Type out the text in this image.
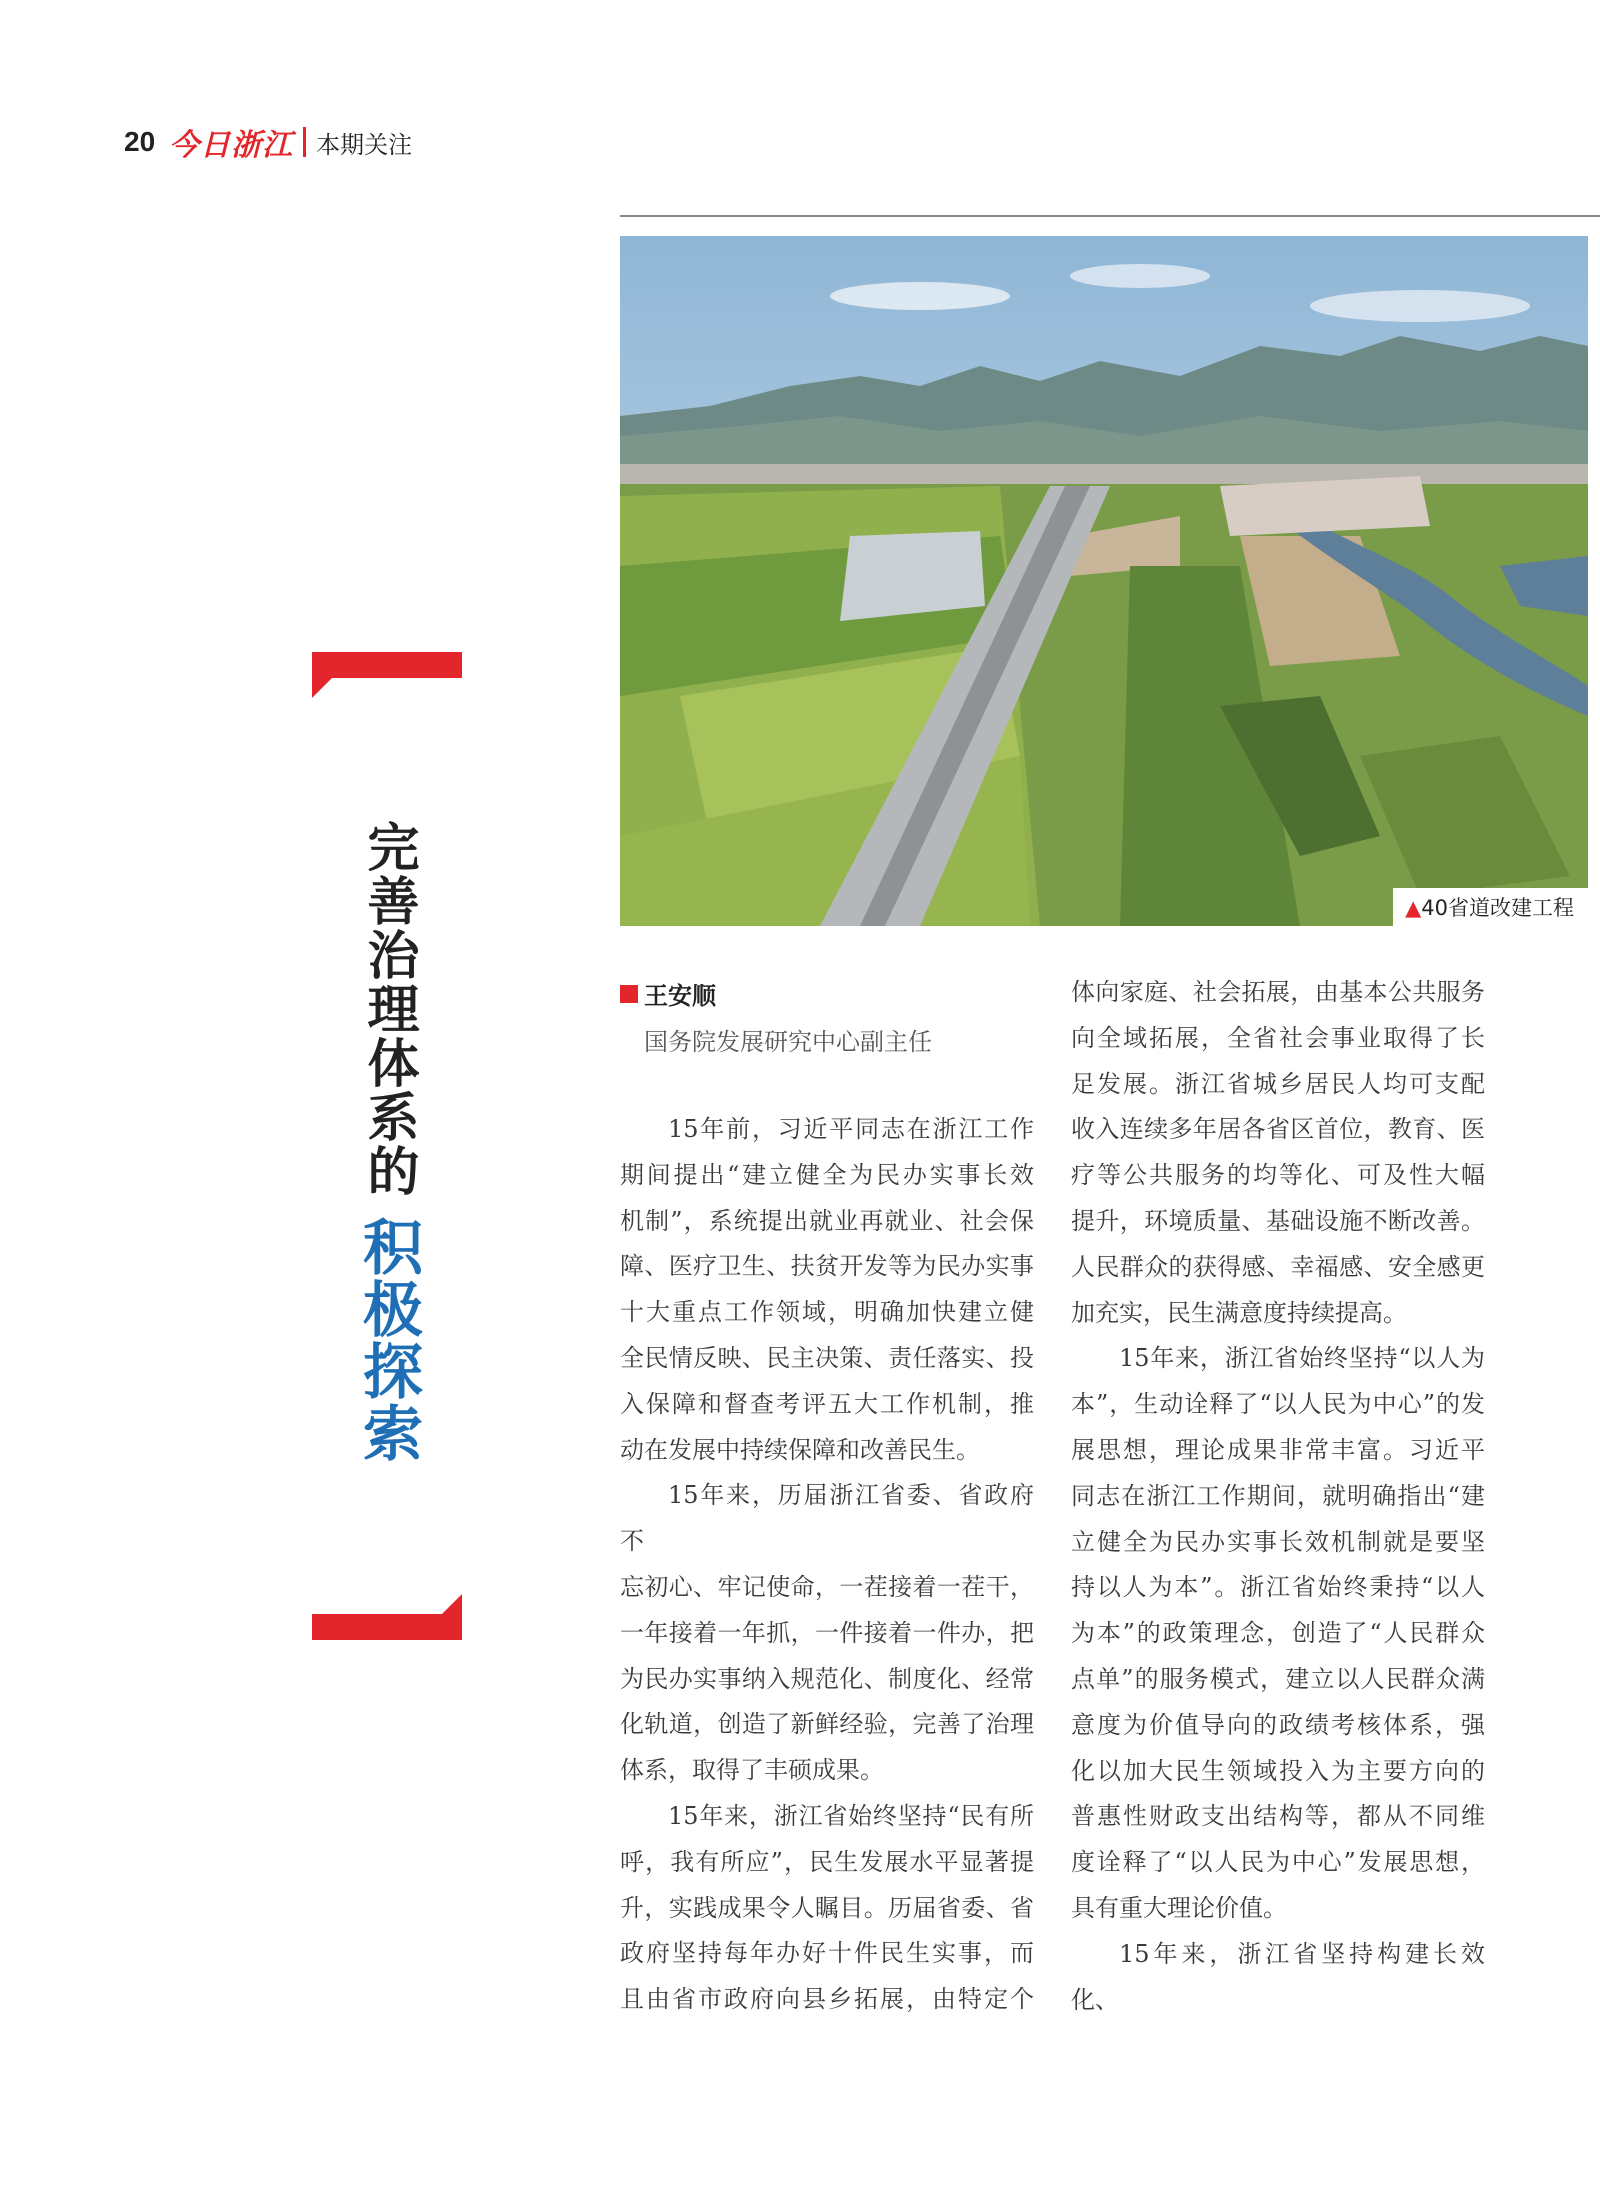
20 今日浙江 本期关注
▲40省道改建工程
完善治理体系的
积极探索
王安顺
国务院发展研究中心副主任

15年前，习近平同志在浙江工作

期间提出“建立健全为民办实事长效

机制”，系统提出就业再就业、社会保

障、医疗卫生、扶贫开发等为民办实事

十大重点工作领域，明确加快建立健

全民情反映、民主决策、责任落实、投

入保障和督查考评五大工作机制，推

动在发展中持续保障和改善民生。

15年来，历届浙江省委、省政府不

忘初心、牢记使命，一茬接着一茬干，

一年接着一年抓，一件接着一件办，把

为民办实事纳入规范化、制度化、经常

化轨道，创造了新鲜经验，完善了治理

体系，取得了丰硕成果。

15年来，浙江省始终坚持“民有所

呼，我有所应”，民生发展水平显著提

升，实践成果令人瞩目。历届省委、省

政府坚持每年办好十件民生实事，而

且由省市政府向县乡拓展，由特定个

体向家庭、社会拓展，由基本公共服务

向全域拓展，全省社会事业取得了长

足发展。浙江省城乡居民人均可支配

收入连续多年居各省区首位，教育、医

疗等公共服务的均等化、可及性大幅

提升，环境质量、基础设施不断改善。

人民群众的获得感、幸福感、安全感更

加充实，民生满意度持续提高。

15年来，浙江省始终坚持“以人为

本”，生动诠释了“以人民为中心”的发

展思想，理论成果非常丰富。习近平

同志在浙江工作期间，就明确指出“建

立健全为民办实事长效机制就是要坚

持以人为本”。浙江省始终秉持“以人

为本”的政策理念，创造了“人民群众

点单”的服务模式，建立以人民群众满

意度为价值导向的政绩考核体系，强

化以加大民生领域投入为主要方向的

普惠性财政支出结构等，都从不同维

度诠释了“以人民为中心”发展思想，

具有重大理论价值。

15年来，浙江省坚持构建长效化、
